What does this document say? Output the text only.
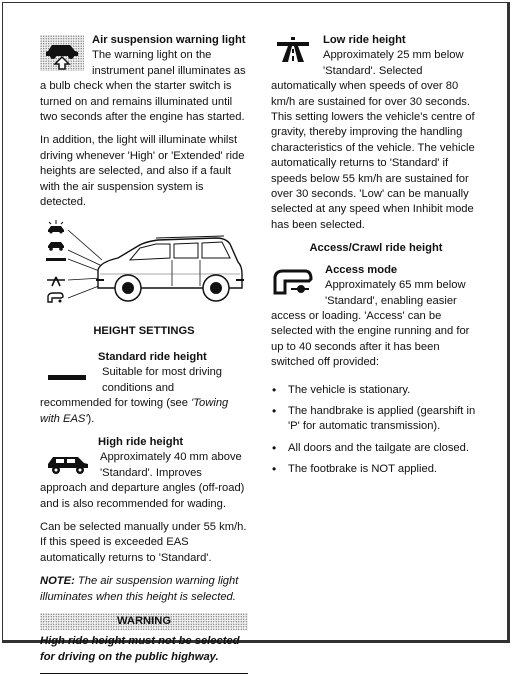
Air suspension warning light

The warning light on the instrument panel illuminates as a bulb check when the starter switch is turned on and remains illuminated until two seconds after the engine has started.

In addition, the light will illuminate whilst driving whenever 'High' or 'Extended' ride heights are selected, and also if a fault with the air suspension system is detected.

HEIGHT SETTINGS
Standard ride height

Suitable for most driving conditions and recommended for towing (see 'Towing with EAS').

High ride height

Approximately 40 mm above 'Standard'. Improves approach and departure angles (off-road) and is also recommended for wading.

Can be selected manually under 55 km/h. If this speed is exceeded EAS automatically returns to 'Standard'.

NOTE: The air suspension warning light illuminates when this height is selected.

WARNING
High ride height must not be selected for driving on the public highway.
Low ride height

Approximately 25 mm below 'Standard'. Selected automatically when speeds of over 80 km/h are sustained for over 30 seconds. This setting lowers the vehicle's centre of gravity, thereby improving the handling characteristics of the vehicle. The vehicle automatically returns to 'Standard' if speeds below 55 km/h are sustained for over 30 seconds. 'Low' can be manually selected at any speed when Inhibit mode has been selected.

Access/Crawl ride height
Access mode

Approximately 65 mm below 'Standard', enabling easier access or loading. 'Access' can be selected with the engine running and for up to 40 seconds after it has been switched off provided:

• The vehicle is stationary.
• The handbrake is applied (gearshift in 'P' for automatic transmission).
• All doors and the tailgate are closed.
• The footbrake is NOT applied.
